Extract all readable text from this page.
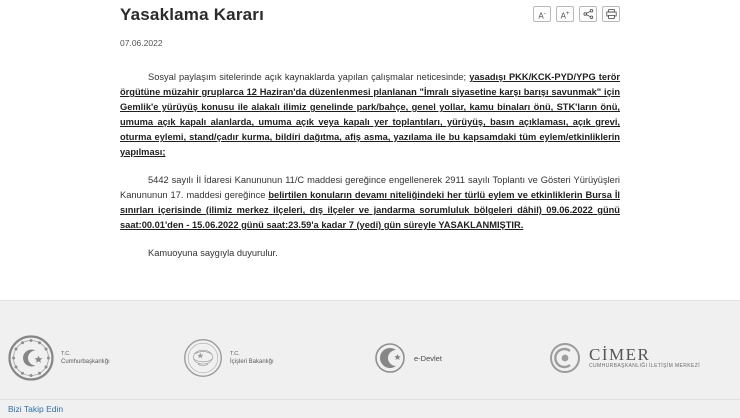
Yasaklama Kararı	A-	A+
07.06.2022

Sosyal paylaşım sitelerinde açık kaynaklarda yapılan çalışmalar neticesinde; yasadışı PKK/KCK-PYD/YPG terör örgütüne müzahir gruplarca 12 Haziran'da düzenlenmesi planlanan "İmralı siyasetine karşı barışı savunmak" için Gemlik'e yürüyüş konusu ile alakalı ilimiz genelinde park/bahçe, genel yollar, kamu binaları önü, STK'ların önü, umuma açık kapalı alanlarda, umuma açık veya kapalı yer toplantıları, yürüyüş, basın açıklaması, açık grevi, oturma eylemi, stand/çadır kurma, bildiri dağıtma, afiş asma, yazılama ile bu kapsamdaki tüm eylem/etkinliklerin yapılması;

5442 sayılı İl İdaresi Kanununun 11/C maddesi gereğince engellenerek 2911 sayılı Toplantı ve Gösteri Yürüyüşleri Kanununun 17. maddesi gereğince belirtilen konuların devamı niteliğindeki her türlü eylem ve etkinliklerin Bursa İl sınırları içerisinde (ilimiz merkez ilçeleri, dış ilçeler ve jandarma sorumluluk bölgeleri dâhil) 09.06.2022 günü saat:00.01'den - 15.06.2022 günü saat:23.59'a kadar 7 (yedi) gün süreyle YASAKLANMIŞTIR.

Kamuoyuna saygıyla duyurulur.

T.C.
Cumhurbaşkanlığı
T.C.
İçişleri Bakanlığı	e-Devlet	CİMER
CUMHURBAŞKANLIĞI İLETİŞİM MERKEZİ
Bizi Takip Edin
